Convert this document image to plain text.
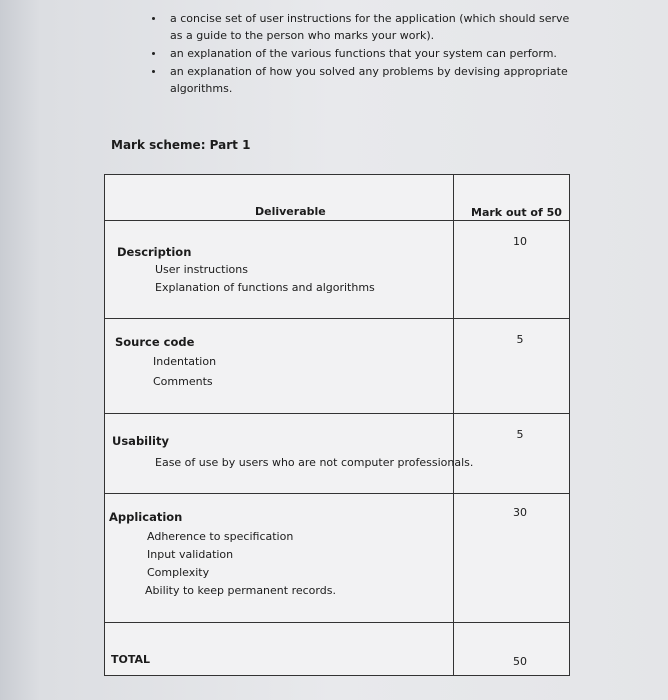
a concise set of user instructions for the application (which should serve as a guide to the person who marks your work).
an explanation of the various functions that your system can perform.
an explanation of how you solved any problems by devising appropriate algorithms.
Mark scheme: Part 1
Deliverable	Mark out of 50
Description
User instructions
Explanation of functions and algorithms
10
Source code
Indentation
Comments
5
Usability
Ease of use by users who are not computer professionals.
5
Application
Adherence to specification
Input validation
Complexity
Ability to keep permanent records.
30
TOTAL	50
